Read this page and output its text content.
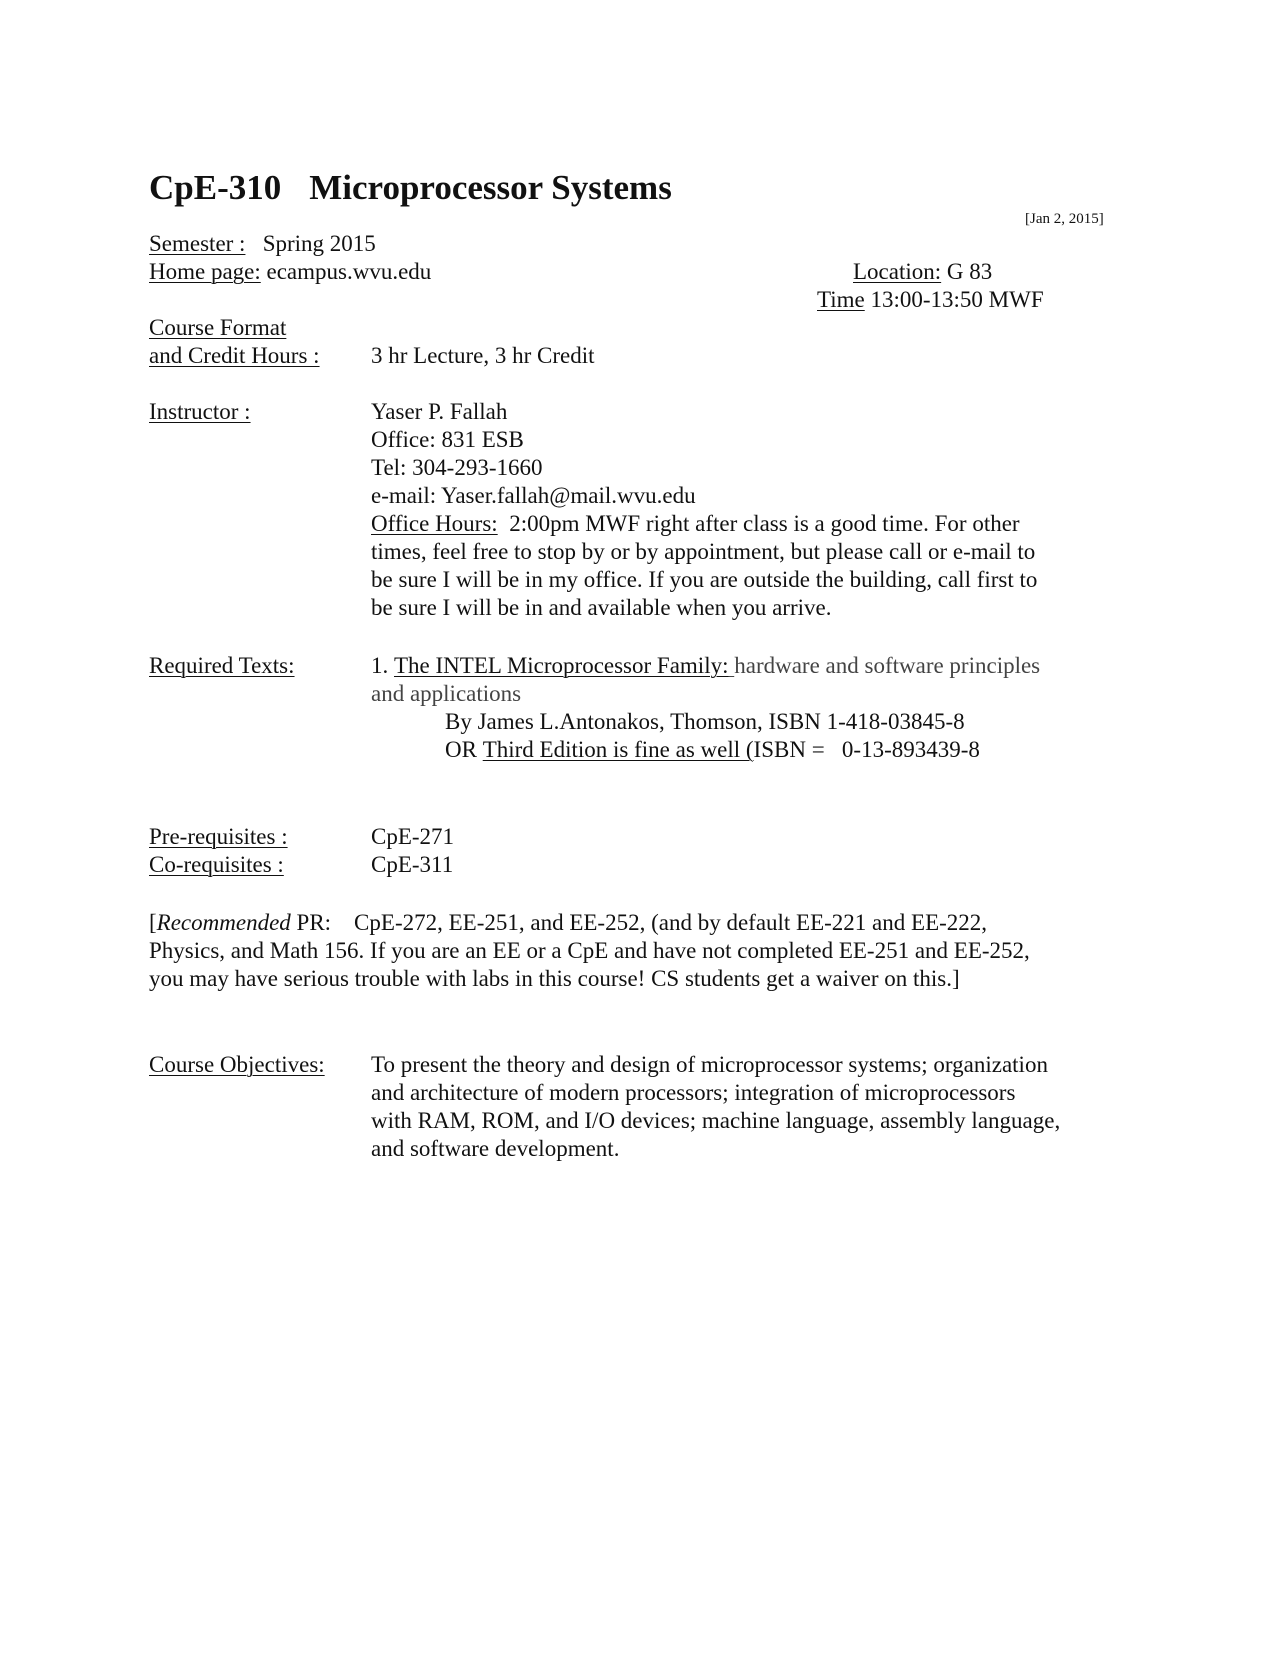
CpE-310 Microprocessor Systems
[Jan 2, 2015]
Semester : Spring 2015
Home page: ecampus.wvu.edu	Location: G 83
Time 13:00-13:50 MWF
Course Format
and Credit Hours : 3 hr Lecture, 3 hr Credit
Instructor :	Yaser P. Fallah
Office: 831 ESB
Tel: 304-293-1660
e-mail: Yaser.fallah@mail.wvu.edu
Office Hours: 2:00pm MWF right after class is a good time. For other
times, feel free to stop by or by appointment, but please call or e-mail to
be sure I will be in my office. If you are outside the building, call first to
be sure I will be in and available when you arrive.
Required Texts:	1. The INTEL Microprocessor Family: hardware and software principles
and applications
By James L.Antonakos, Thomson, ISBN 1-418-03845-8
OR Third Edition is fine as well (ISBN =   0-13-893439-8
Pre-requisites :	CpE-271
Co-requisites :	CpE-311
[Recommended PR:    CpE-272, EE-251, and EE-252, (and by default EE-221 and EE-222,
Physics, and Math 156. If you are an EE or a CpE and have not completed EE-251 and EE-252,
you may have serious trouble with labs in this course! CS students get a waiver on this.]
Course Objectives: To present the theory and design of microprocessor systems; organization
and architecture of modern processors; integration of microprocessors
with RAM, ROM, and I/O devices; machine language, assembly language,
and software development.
